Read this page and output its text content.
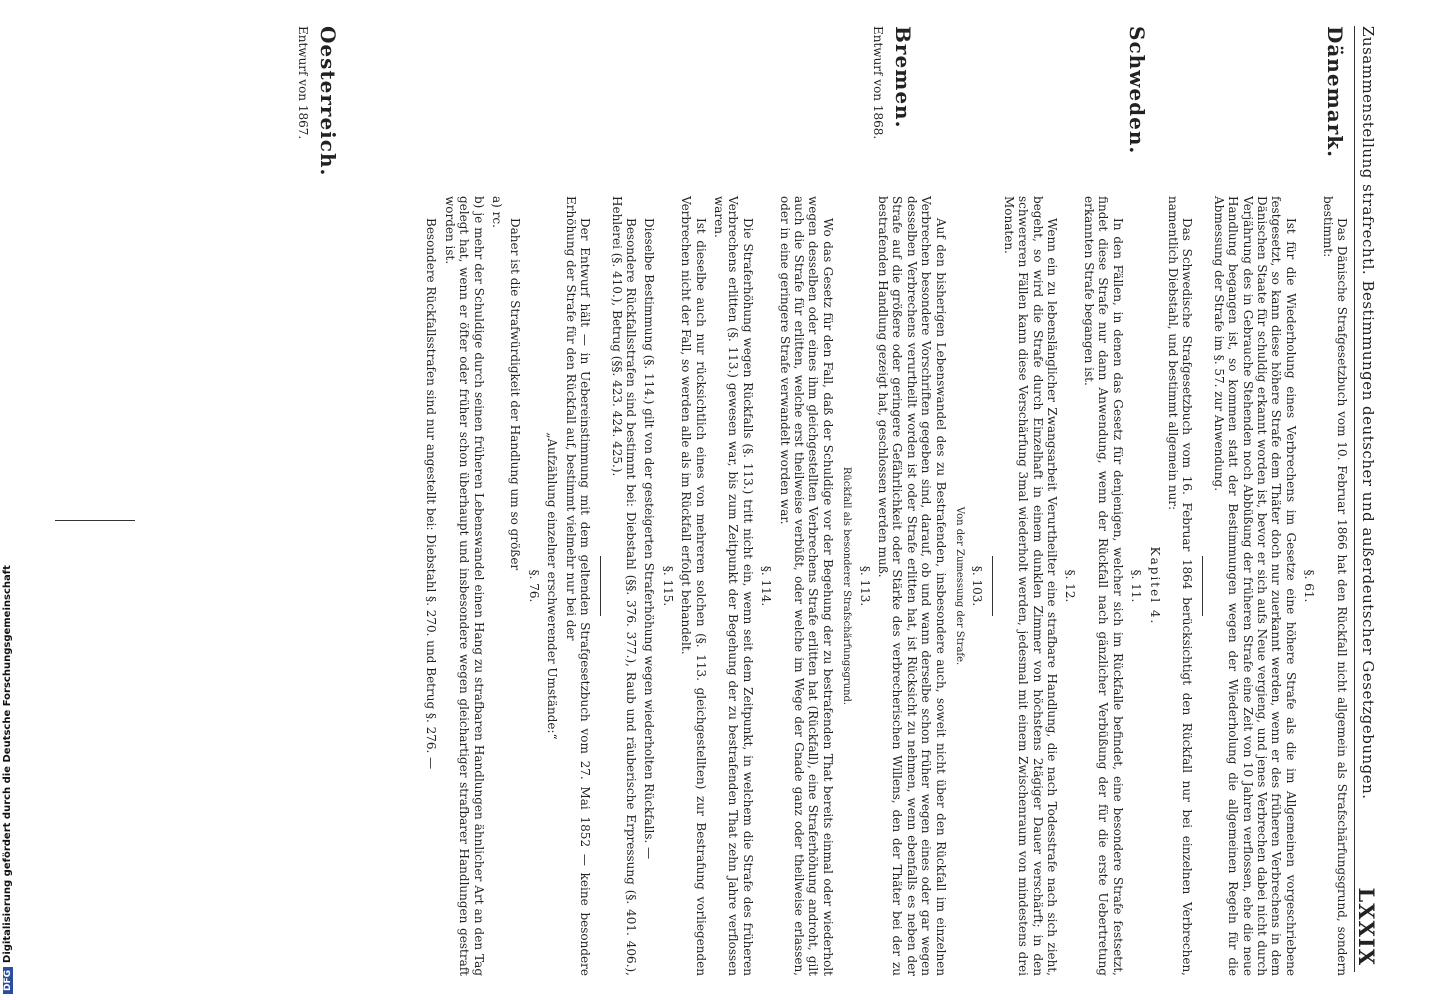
Zusammenstellung strafrechtl. Bestimmungen deutscher und außerdeutscher Gesetzgebungen.
LXXIX
Dänemark.
Schweden.
Bremen.
Entwurf von 1868.
Oesterreich.
Entwurf von 1867.

Das Dänische Strafgesetzbuch vom 10. Februar 1866 hat den Rückfall nicht allgemein als Strafschärfungsgrund, sondern bestimmt:

§. 61.

Ist für die Wiederholung eines Verbrechens im Gesetze eine höhere Strafe als die im Allgemeinen vorgeschriebene festgesetzt, so kann diese höhere Strafe dem Thäter doch nur zuerkannt werden, wenn er des früheren Verbrechens in dem Dänischen Staate für schuldig erkannt worden ist, bevor er sich aufs Neue vergieng, und jenes Verbrechen dabei nicht durch Verjährung des in Gebrauche Stehenden noch Abbüßung der früheren Strafe eine Zeit von 10 Jahren verflossen, ehe die neue Handlung begangen ist, so kommen statt der Bestimmungen wegen der Wiederholung die allgemeinen Regeln für die Abmessung der Strafe im §. 57. zur Anwendung.

Das Schwedische Strafgesetzbuch vom 16. Februar 1864 berücksichtigt den Rückfall nur bei einzelnen Verbrechen, namentlich Diebstahl, und bestimmt allgemein nur:

Kapitel 4.

§. 11.

In den Fällen, in denen das Gesetz für denjenigen, welcher sich im Rückfalle befindet, eine besondere Strafe festsetzt, findet diese Strafe nur dann Anwendung, wenn der Rückfall nach gänzlicher Verbüßung der für die erste Uebertretung erkannten Strafe begangen ist.

§. 12.

Wenn ein zu lebenslänglicher Zwangsarbeit Verurtheilter eine strafbare Handlung, die nach Todesstrafe nach sich zieht, begeht, so wird die Strafe durch Einzelhaft in einem dunklen Zimmer von höchstens 2tägiger Dauer verschärft; in den schwereren Fällen kann diese Verschärfung 3mal wiederholt werden, jedesmal mit einem Zwischenraum von mindestens drei Monaten.

§. 103.

Von der Zumessung der Strafe.

Auf den bisherigen Lebenswandel des zu Bestrafenden, insbesondere auch, soweit nicht über den Rückfall im einzelnen Verbrechen besondere Vorschriften gegeben sind, darauf, ob und wann derselbe schon früher wegen eines oder gar wegen desselben Verbrechens verurtheilt worden ist oder Strafe erlitten hat, ist Rücksicht zu nehmen, wenn ebenfalls es neben der Strafe auf die größere oder geringere Gefährlichkeit oder Stärke des verbrecherischen Willens, den der Thäter bei der zu bestrafenden Handlung gezeigt hat, geschlossen werden muß.

§. 113.

Rückfall als besonderer Strafschärfungsgrund.

Wo das Gesetz für den Fall, daß der Schuldige vor der Begehung der zu bestrafenden That bereits einmal oder wiederholt wegen desselben oder eines ihm gleichgestellten Verbrechens Strafe erlitten hat (Rückfall), eine Straferhöhung androht, gilt auch die Strafe für erlitten, welche erst theilweise verbüßt, oder welche im Wege der Gnade ganz oder theilweise erlassen, oder in eine geringere Strafe verwandelt worden war.

§. 114.

Die Straferhöhung wegen Rückfalls (§. 113.) tritt nicht ein, wenn seit dem Zeitpunkt, in welchem die Strafe des früheren Verbrechens erlitten (§. 113.) gewesen war, bis zum Zeitpunkt der Begehung der zu bestrafenden That zehn Jahre verflossen waren.

Ist dieselbe auch nur rücksichtlich eines von mehreren solchen (§. 113. gleichgestellten) zur Bestrafung vorliegenden Verbrechen nicht der Fall, so werden alle als im Rückfall erfolgt behandelt.

§. 115.

Dieselbe Bestimmung (§. 114.) gilt von der gesteigerten Straferhöhung wegen wiederholten Rückfalls. —

Besondere Rückfallsstrafen sind bestimmt bei: Diebstahl (§§. 376. 377.), Raub und räuberische Erpressung (§. 401. 406.), Hehlerei (§. 410.), Betrug (§§. 423. 424. 425.).

Der Entwurf hält — in Uebereinstimmung mit dem geltenden Strafgesetzbuch vom 27. Mai 1852 — keine besondere Erhöhung der Strafe für den Rückfall auf, bestimmt vielmehr nur bei der

„Aufzählung einzelner erschwerender Umstände:“

§. 76.

Daher ist die Strafwürdigkeit der Handlung um so größer

a) rc.

b) je mehr der Schuldige durch seinen früheren Lebenswandel einen Hang zu strafbaren Handlungen ähnlicher Art an den Tag gelegt hat, wenn er öfter oder früher schon überhaupt und insbesondere wegen gleichartiger strafbarer Handlungen gestraft worden ist.

Besondere Rückfallsstrafen sind nur angestellt bei: Diebstahl §. 270. und Betrug §. 276. —

DFGDigitalisierung gefördert durch die Deutsche Forschungsgemeinschaft
